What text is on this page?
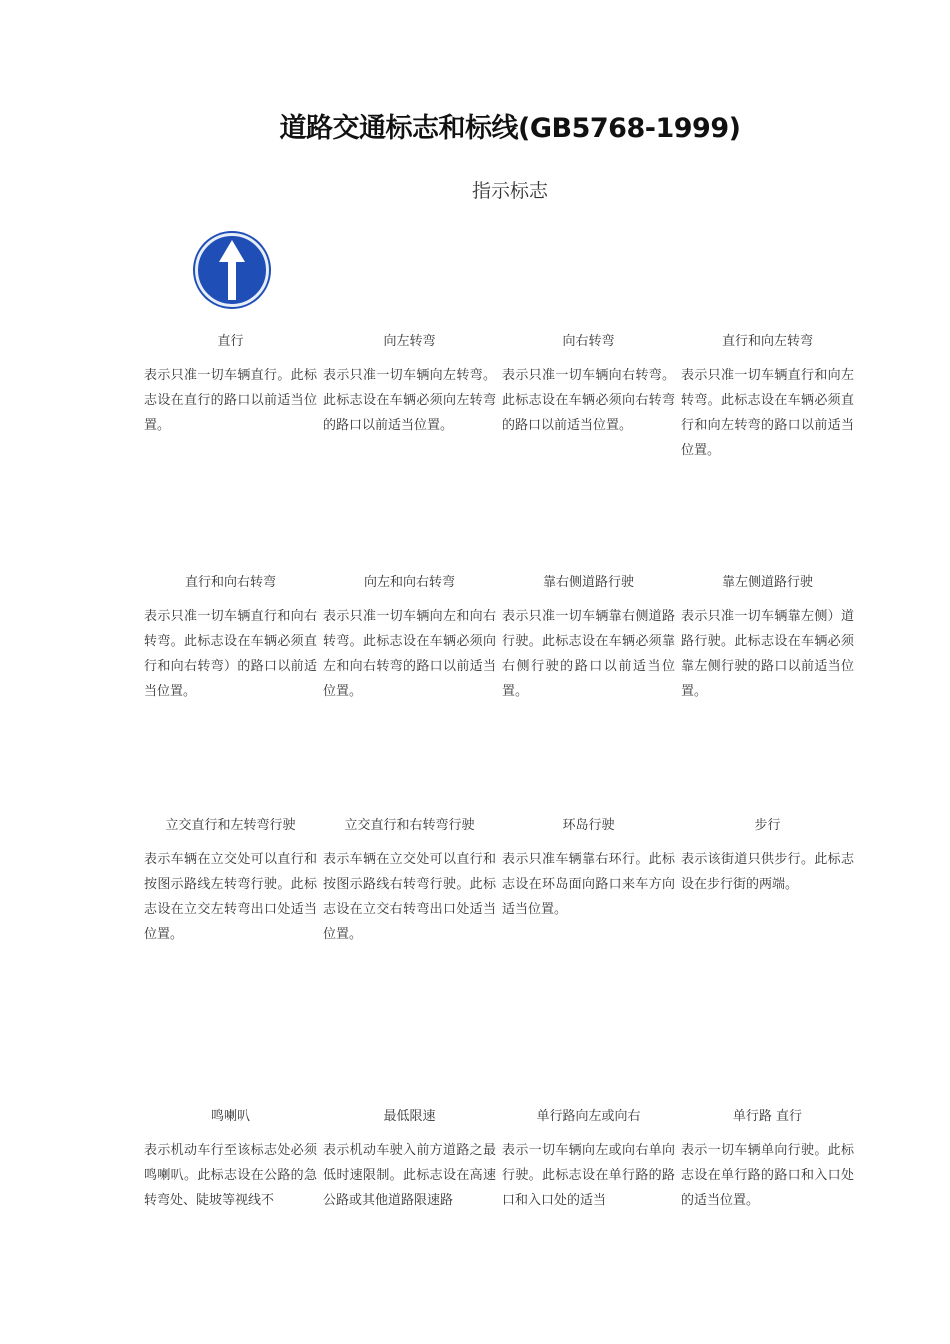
道路交通标志和标线(GB5768-1999)
指示标志
直行
表示只准一切车辆直行。此标志设在直行的路口以前适当位置。
向左转弯
表示只准一切车辆向左转弯。此标志设在车辆必须向左转弯的路口以前适当位置。
向右转弯
表示只准一切车辆向右转弯。此标志设在车辆必须向右转弯的路口以前适当位置。
直行和向左转弯
表示只准一切车辆直行和向左转弯。此标志设在车辆必须直行和向左转弯的路口以前适当位置。
直行和向右转弯
表示只准一切车辆直行和向右转弯。此标志设在车辆必须直行和向右转弯）的路口以前适当位置。
向左和向右转弯
表示只准一切车辆向左和向右转弯。此标志设在车辆必须向左和向右转弯的路口以前适当位置。
靠右侧道路行驶
表示只准一切车辆靠右侧道路行驶。此标志设在车辆必须靠右侧行驶的路口以前适当位置。
靠左侧道路行驶
表示只准一切车辆靠左侧）道路行驶。此标志设在车辆必须靠左侧行驶的路口以前适当位置。
立交直行和左转弯行驶
表示车辆在立交处可以直行和按图示路线左转弯行驶。此标志设在立交左转弯出口处适当位置。
立交直行和右转弯行驶
表示车辆在立交处可以直行和按图示路线右转弯行驶。此标志设在立交右转弯出口处适当位置。
环岛行驶
表示只准车辆靠右环行。此标志设在环岛面向路口来车方向适当位置。
步行
表示该街道只供步行。此标志设在步行街的两端。
鸣喇叭
表示机动车行至该标志处必须鸣喇叭。此标志设在公路的急转弯处、陡坡等视线不
最低限速
表示机动车驶入前方道路之最低时速限制。此标志设在高速公路或其他道路限速路
单行路向左或向右
表示一切车辆向左或向右单向行驶。此标志设在单行路的路口和入口处的适当
单行路 直行
表示一切车辆单向行驶。此标志设在单行路的路口和入口处的适当位置。
